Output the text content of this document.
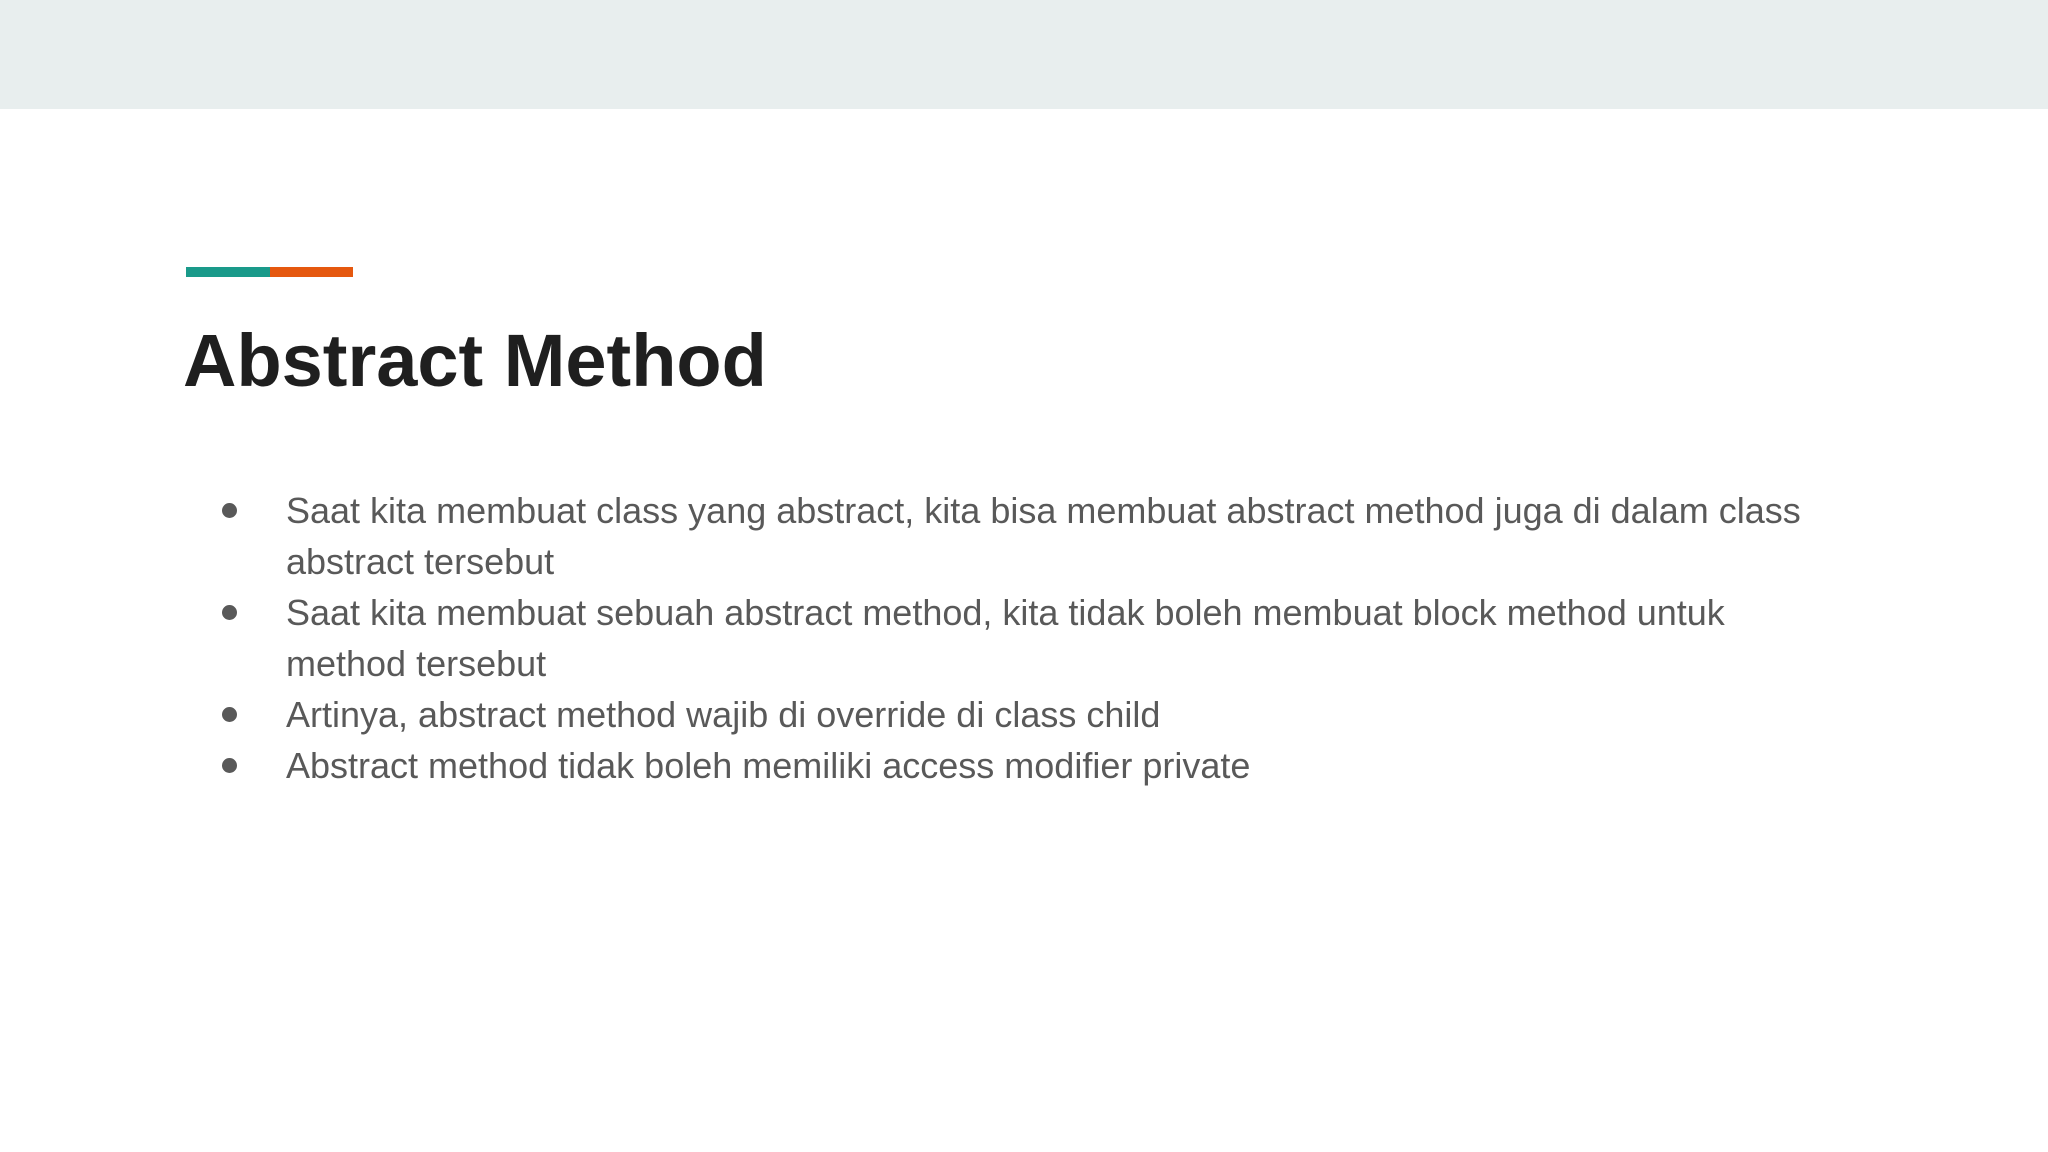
Abstract Method
Saat kita membuat class yang abstract, kita bisa membuat abstract method juga di dalam class abstract tersebut
Saat kita membuat sebuah abstract method, kita tidak boleh membuat block method untuk method tersebut
Artinya, abstract method wajib di override di class child
Abstract method tidak boleh memiliki access modifier private
